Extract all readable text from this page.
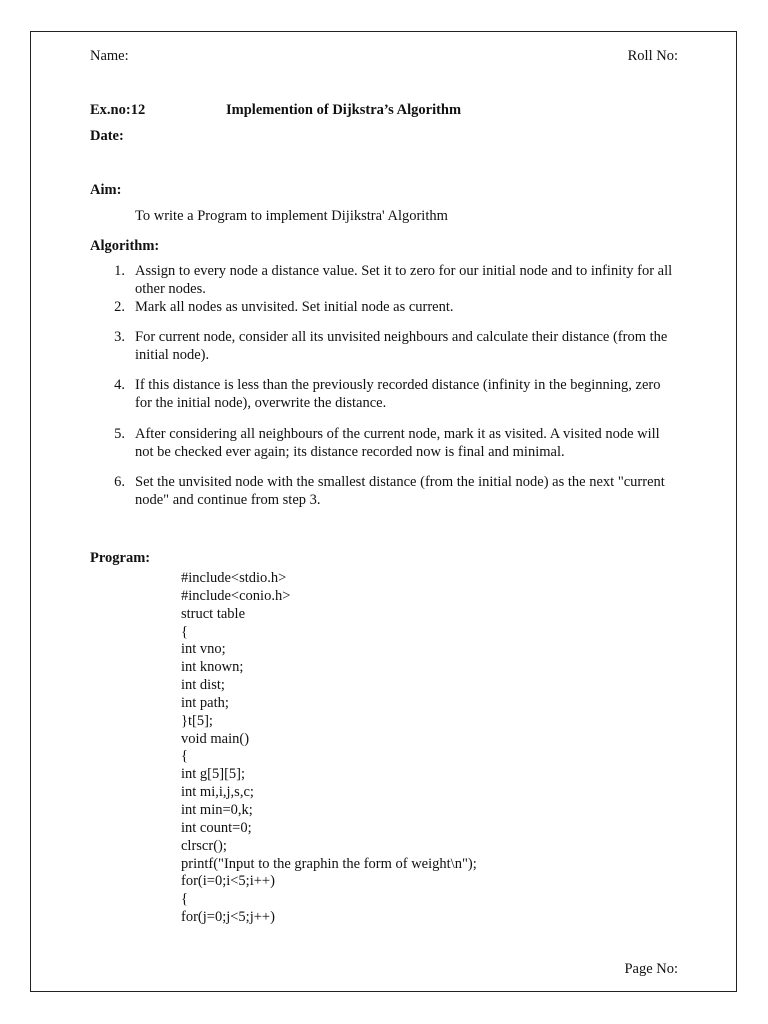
Name:	Roll No:
Ex.no:12	Implemention of Dijkstra’s Algorithm
Date:
Aim:
To write a Program to implement Dijikstra' Algorithm
Algorithm:
1. Assign to every node a distance value. Set it to zero for our initial node and to infinity for all other nodes.
2. Mark all nodes as unvisited. Set initial node as current.
3. For current node, consider all its unvisited neighbours and calculate their distance (from the initial node).
4. If this distance is less than the previously recorded distance (infinity in the beginning, zero for the initial node), overwrite the distance.
5. After considering all neighbours of the current node, mark it as visited. A visited node will not be checked ever again; its distance recorded now is final and minimal.
6. Set the unvisited node with the smallest distance (from the initial node) as the next "current node" and continue from step 3.
Program:
#include<stdio.h>
#include<conio.h>
struct table
{
int vno;
int known;
int dist;
int path;
}t[5];
void main()
{
int g[5][5];
int mi,i,j,s,c;
int min=0,k;
int count=0;
clrscr();
printf("Input to the graphin the form of weight\n");
for(i=0;i<5;i++)
{
for(j=0;j<5;j++)
Page No:
